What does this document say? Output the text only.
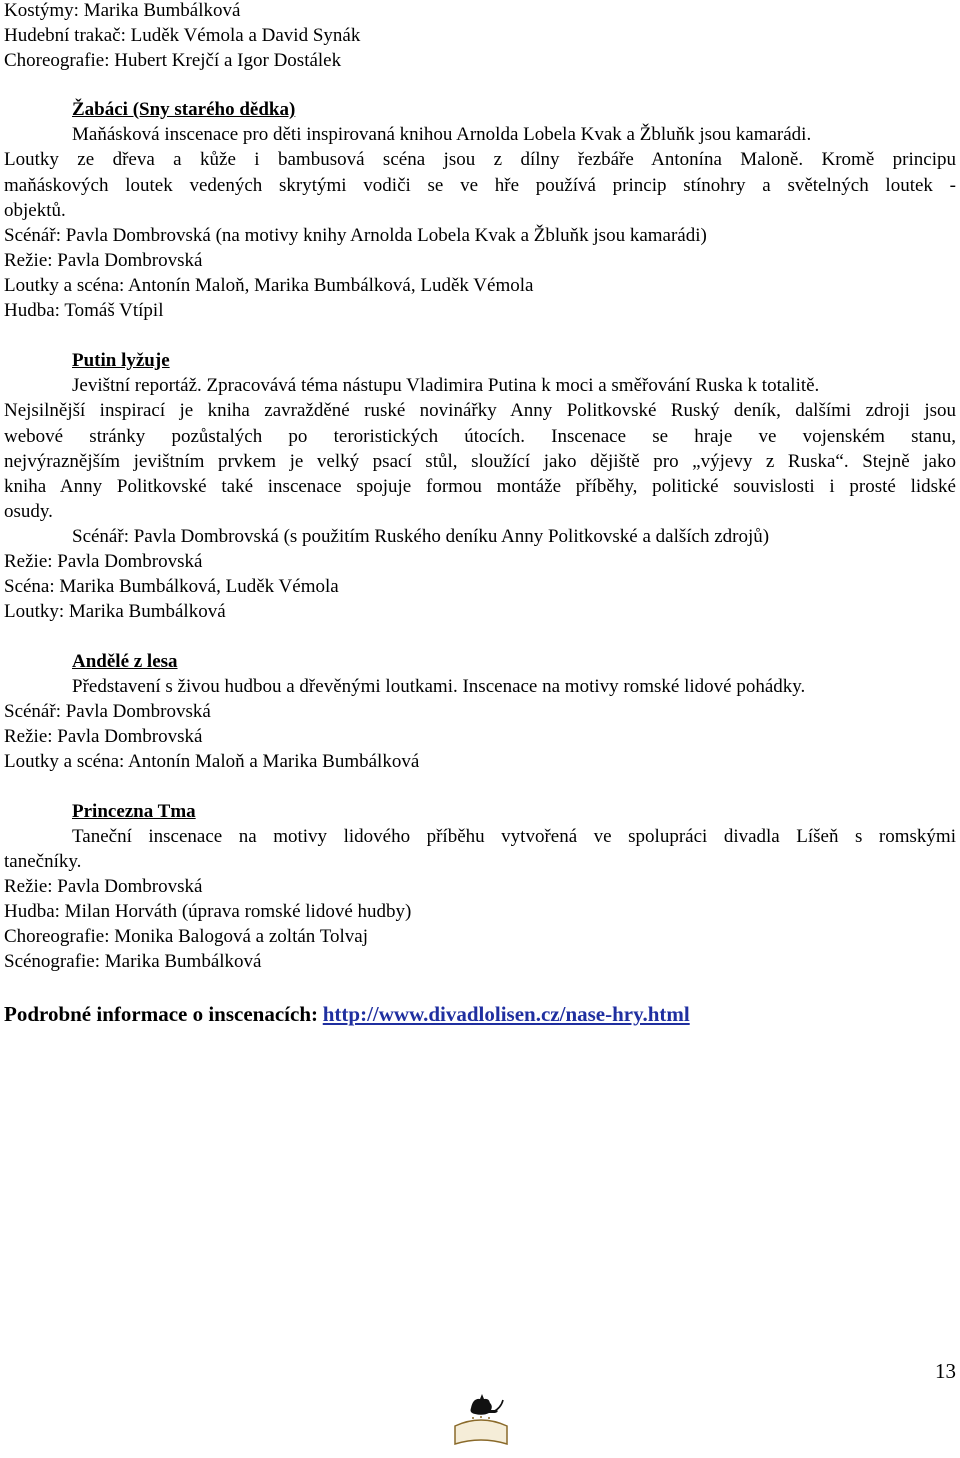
Kostýmy: Marika Bumbálková
Hudební trakač: Luděk Vémola a David Synák
Choreografie: Hubert Krejčí a Igor Dostálek
Žabáci (Sny starého dědka)
Maňásková inscenace pro děti inspirovaná knihou Arnolda Lobela Kvak a Žbluňk jsou kamarádi.
Loutky ze dřeva a kůže i bambusová scéna jsou z dílny řezbáře Antonína Maloně. Kromě principu
maňáskových loutek vedených skrytými vodiči se ve hře používá princip stínohry a světelných loutek -
objektů.
Scénář: Pavla Dombrovská (na motivy knihy Arnolda Lobela Kvak a Žbluňk jsou kamarádi)
Režie: Pavla Dombrovská
Loutky a scéna: Antonín Maloň, Marika Bumbálková, Luděk Vémola
Hudba: Tomáš Vtípil
Putin lyžuje
Jevištní reportáž. Zpracovává téma nástupu Vladimira Putina k moci a směřování Ruska k totalitě.
Nejsilnější inspirací je kniha zavražděné ruské novinářky Anny Politkovské Ruský deník, dalšími zdroji jsou
webové stránky pozůstalých po teroristických útocích. Inscenace se hraje ve vojenském stanu,
nejvýraznějším jevištním prvkem je velký psací stůl, sloužící jako dějiště pro „výjevy z Ruska“. Stejně jako
kniha Anny Politkovské také inscenace spojuje formou montáže příběhy, politické souvislosti i prosté lidské
osudy.
Scénář: Pavla Dombrovská (s použitím Ruského deníku Anny Politkovské a dalších zdrojů)
Režie: Pavla Dombrovská
Scéna: Marika Bumbálková, Luděk Vémola
Loutky: Marika Bumbálková
Andělé z lesa
Představení s živou hudbou a dřevěnými loutkami. Inscenace na motivy romské lidové pohádky.
Scénář: Pavla Dombrovská
Režie: Pavla Dombrovská
Loutky a scéna: Antonín Maloň a Marika Bumbálková
Princezna Tma
Taneční inscenace na motivy lidového příběhu vytvořená ve spolupráci divadla Líšeň s romskými
tanečníky.
Režie: Pavla Dombrovská
Hudba: Milan Horváth (úprava romské lidové hudby)
Choreografie: Monika Balogová a zoltán Tolvaj
Scénografie: Marika Bumbálková
Podrobné informace o inscenacích: http://www.divadlolisen.cz/nase-hry.html
13
